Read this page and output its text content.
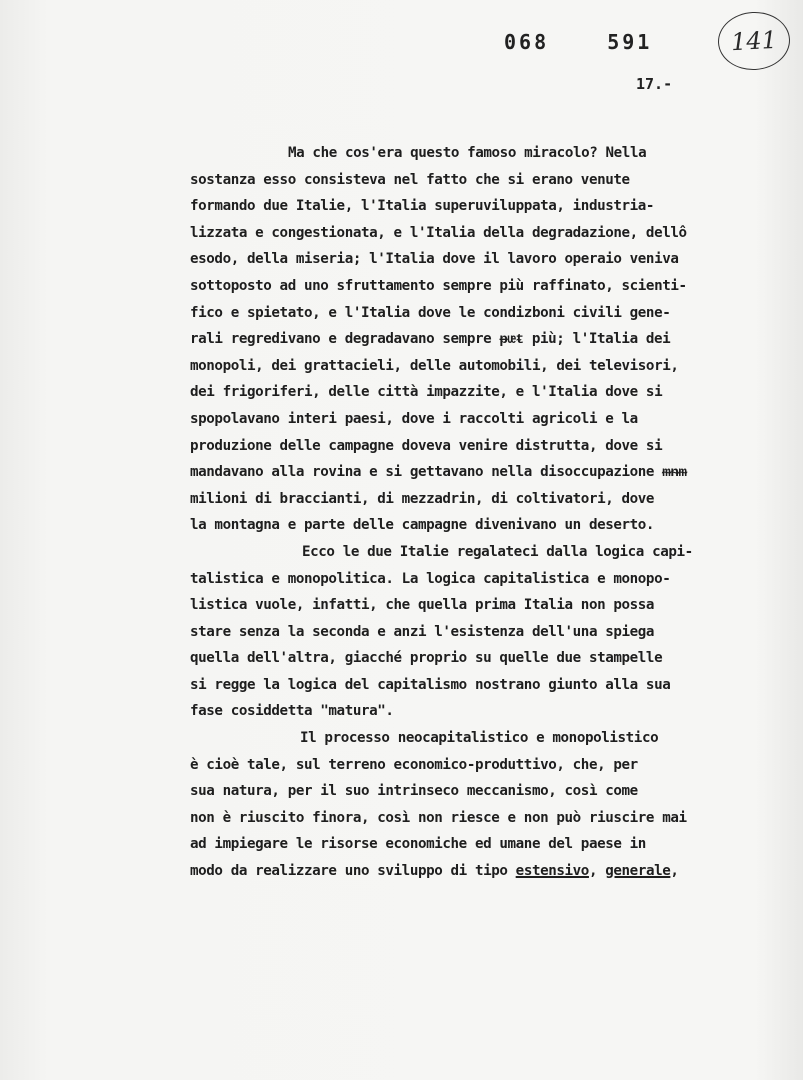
068  591	141
17.-
Ma che cos'era questo famoso miracolo? Nella
sostanza esso consisteva nel fatto che si erano venute
formando due Italie, l'Italia superuviluppata, industria-
lizzata e congestionata, e l'Italia della degradazione, dellô
esodo, della miseria; l'Italia dove il lavoro operaio veniva
sottoposto ad uno sfruttamento sempre più raffinato, scienti-
fico e spietato, e l'Italia dove le condizboni civili gene-
rali regredivano e degradavano sempre ᵽᵫᵵ più; l'Italia dei
monopoli, dei grattacieli, delle automobili, dei televisori,
dei frigoriferi, delle città impazzite, e l'Italia dove si
spopolavano interi paesi, dove i raccolti agricoli e la
produzione delle campagne doveva venire distrutta, dove si
mandavano alla rovina e si gettavano nella disoccupazione ᵯᵰᵯ
milioni di braccianti, di mezzadrin, di coltivatori, dove
la montagna e parte delle campagne divenivano un deserto.
Ecco le due Italie regalateci dalla logica capi-
talistica e monopolitica. La logica capitalistica e monopo-
listica vuole, infatti, che quella prima Italia non possa
stare senza la seconda e anzi l'esistenza dell'una spiega
quella dell'altra, giacché proprio su quelle due stampelle
si regge la logica del capitalismo nostrano giunto alla sua
fase cosiddetta "matura".
Il processo neocapitalistico e monopolistico
è cioè tale, sul terreno economico-produttivo, che, per
sua natura, per il suo intrinseco meccanismo, così come
non è riuscito finora, così non riesce e non può riuscire mai
ad impiegare le risorse economiche ed umane del paese in
modo da realizzare uno sviluppo di tipo estensivo, generale,
